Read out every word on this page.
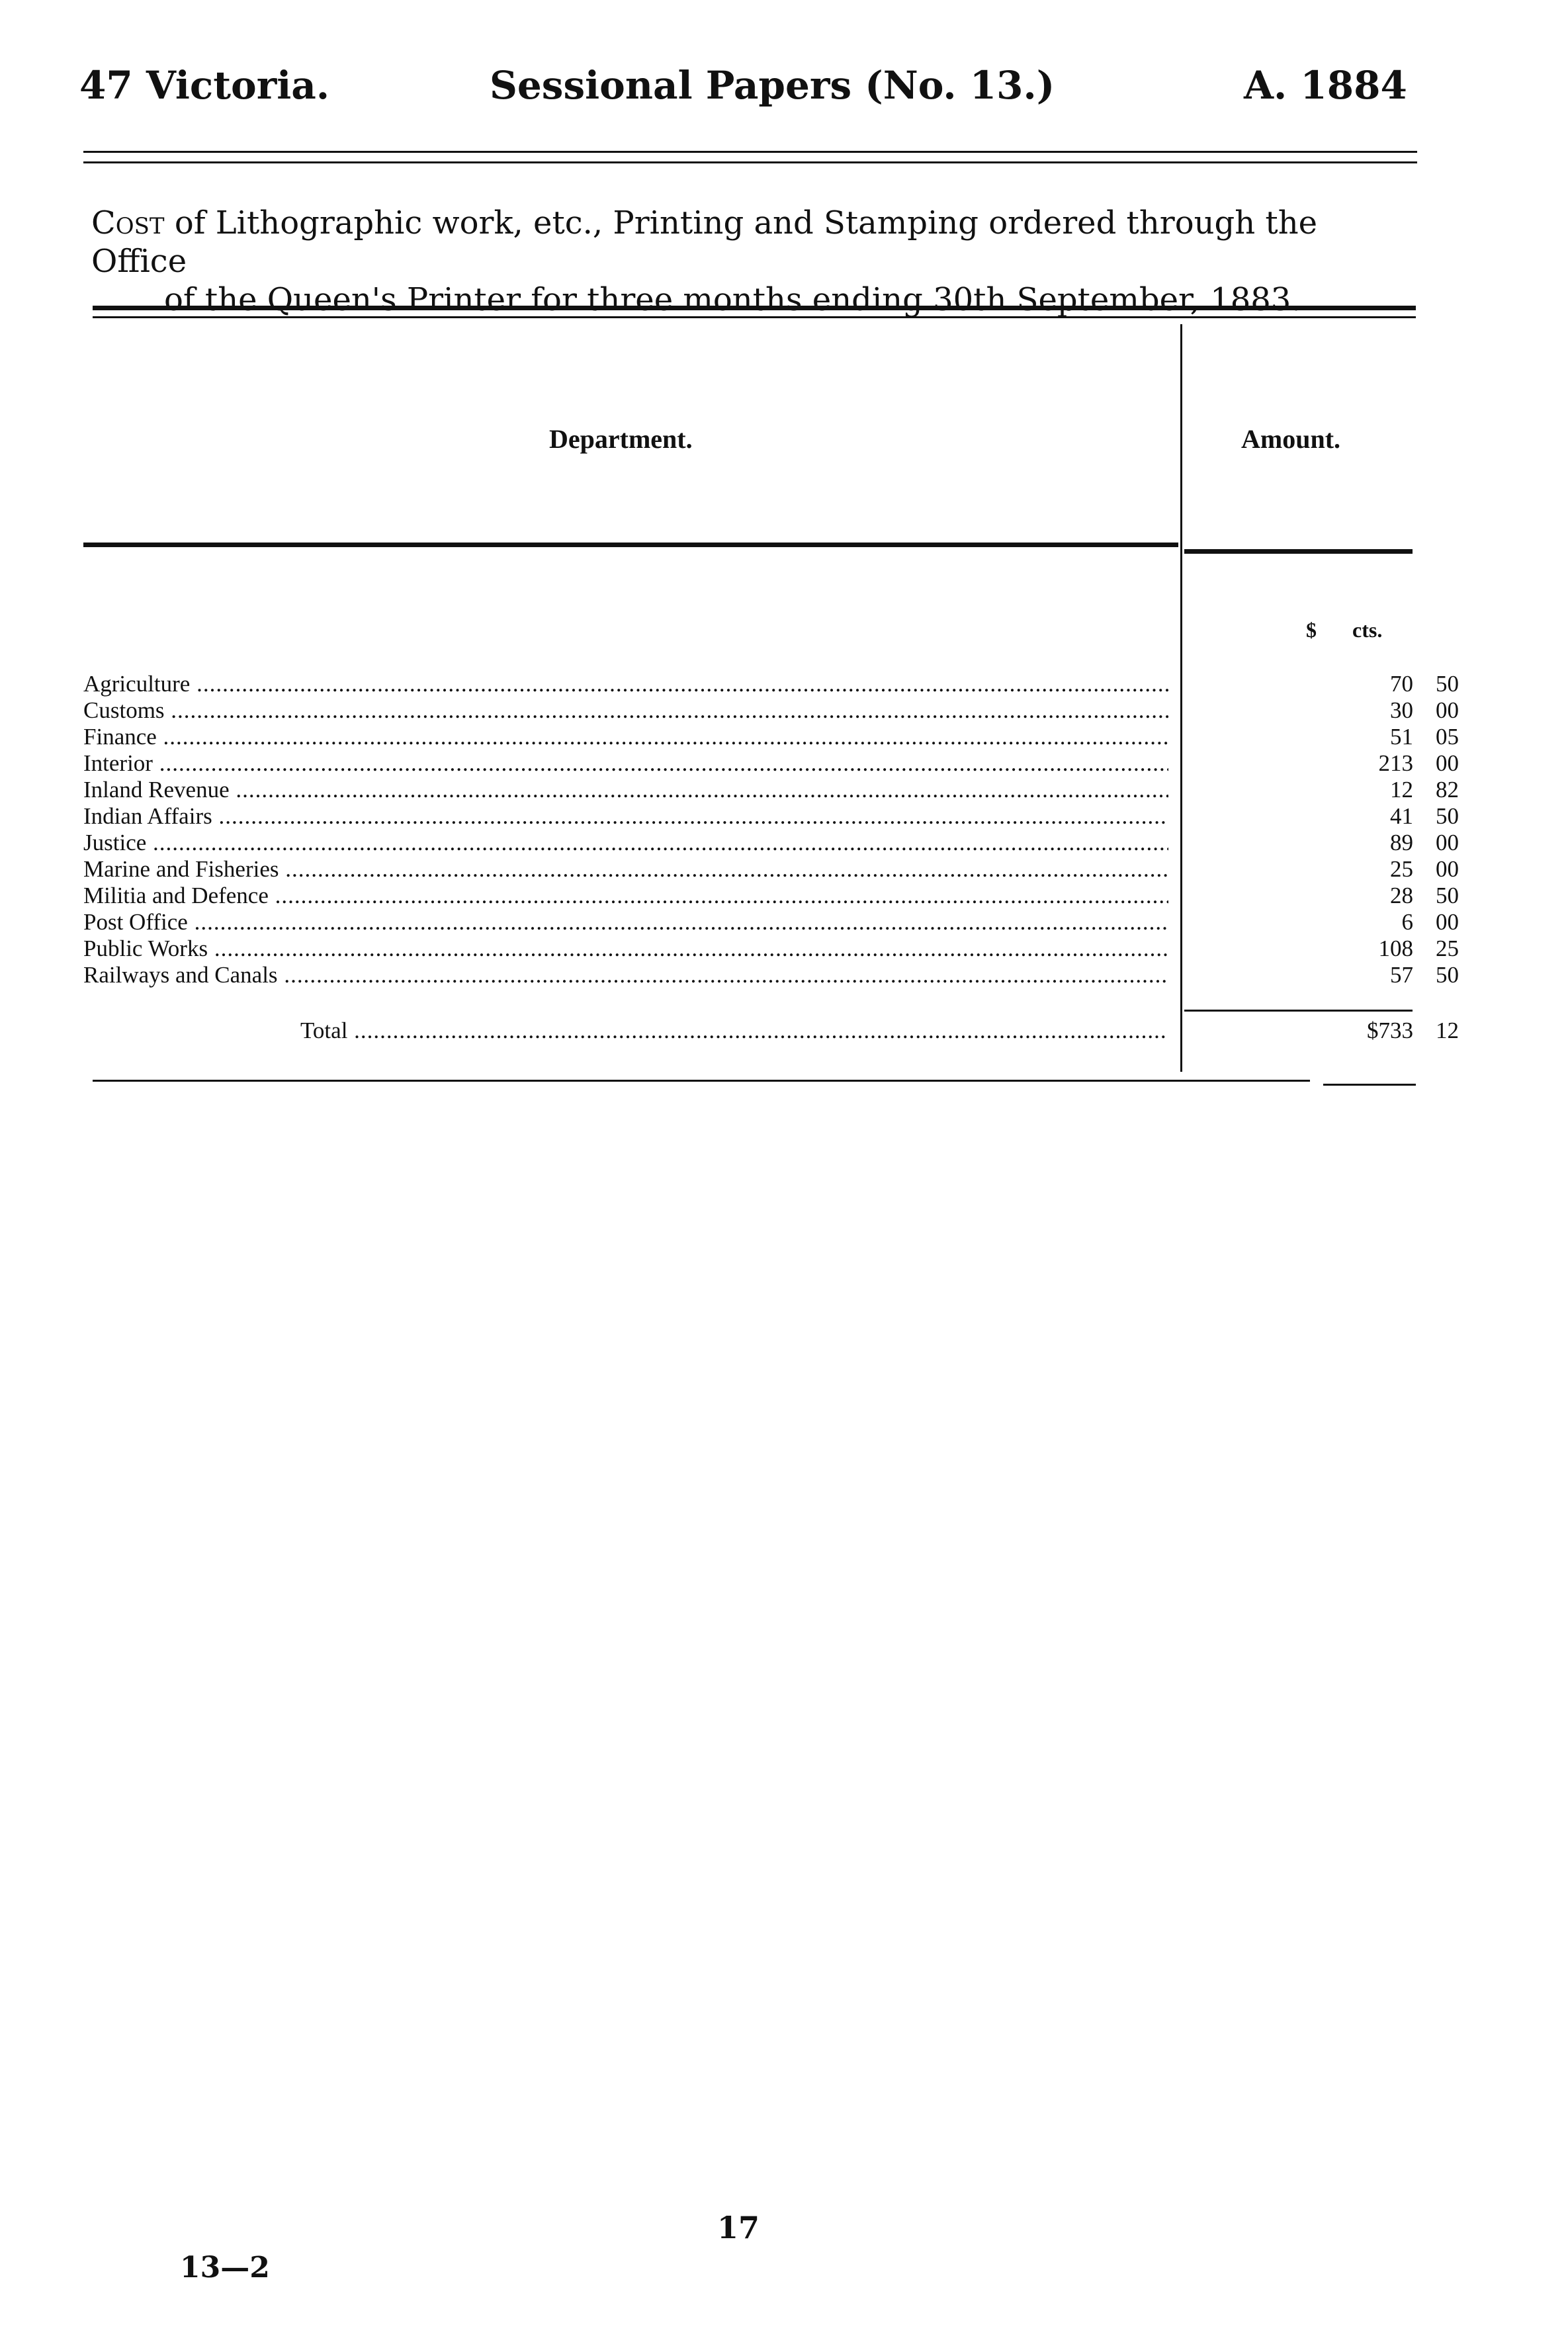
47 Victoria.	Sessional Papers (No. 13.)	A. 1884
Cost of Lithographic work, etc., Printing and Stamping ordered through the Office
of the Queen's Printer for three months ending 30th September, 1883.
Department.	Amount.
$ cts.
Agriculture .....	70 50
Customs .....	30 00
Finance .....	51 05
Interior .....	213 00
Inland Revenue .....	12 82
Indian Affairs .....	41 50
Justice .....	89 00
Marine and Fisheries .....	25 00
Militia and Defence .....	28 50
Post Office .....	6 00
Public Works .....	108 25
Railways and Canals .....	57 50
Total .....	$733 12
17
13—2
